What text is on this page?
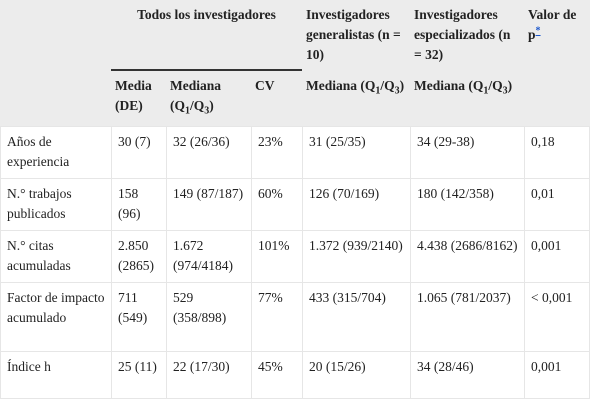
	Todos los investigadores			Investigadores generalistas (n = 10)	Investigadores especializados (n = 32)	Valor de p*
	Media (DE)	Mediana $(Q_1/Q_3)$	CV	Mediana $(Q_1/Q_3)$	Mediana $(Q_1/Q_3)$	
Años de experiencia	30 (7)	32 (26/36)	23%	31 (25/35)	34 (29-38)	0,18
N.° trabajos publicados	158 (96)	149 (87/187)	60%	126 (70/169)	180 (142/358)	0,01
N.° citas acumuladas	2.850 (2865)	1.672 (974/4184)	101%	1.372 (939/2140)	4.438 (2686/8162)	0,001
Factor de impacto acumulado	711 (549)	529 (358/898)	77%	433 (315/704)	1.065 (781/2037)	< 0,001
Índice h	25 (11)	22 (17/30)	45%	20 (15/26)	34 (28/46)	0,001
